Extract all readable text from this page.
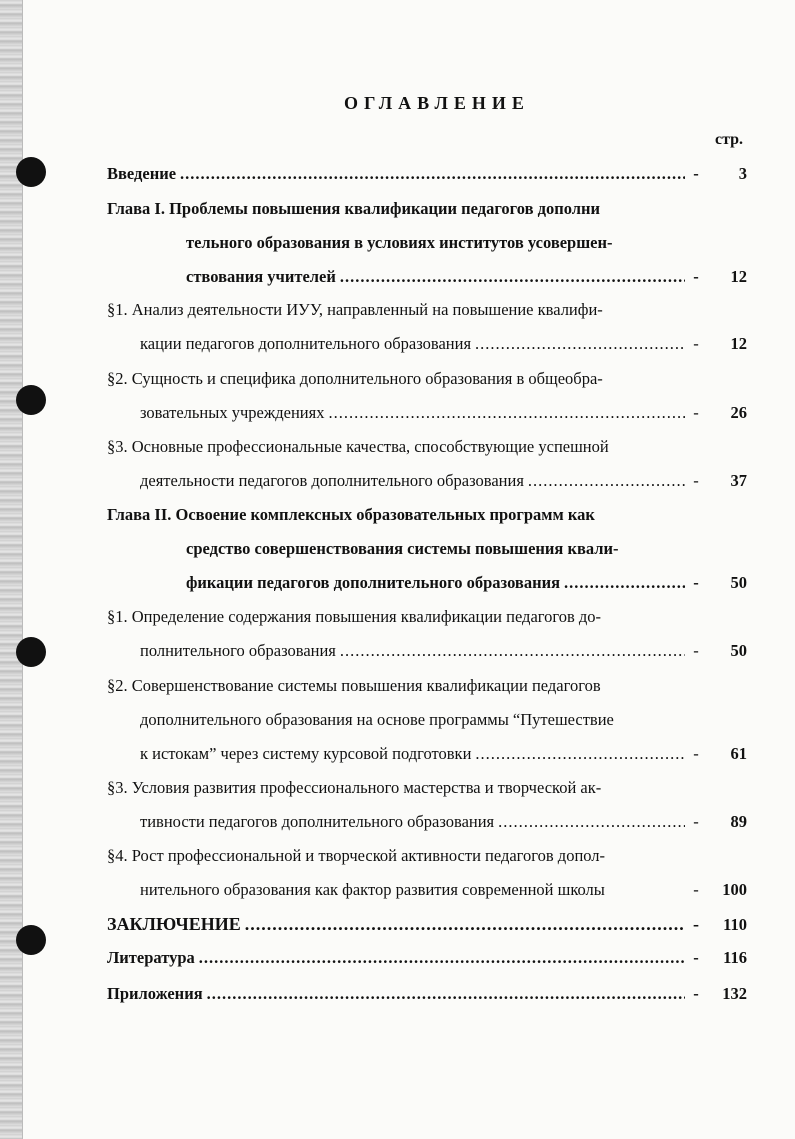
ОГЛАВЛЕНИЕ
стр.
Введение .....	-	3
Глава I. Проблемы повышения квалификации педагогов дополни
тельного образования в условиях институтов усовершен-
ствования учителей .....	-	12
§1. Анализ деятельности ИУУ, направленный на повышение квалифи-
кации педагогов дополнительного образования .....	-	12
§2. Сущность и специфика дополнительного образования в общеобра-
зовательных учреждениях .....	-	26
§3. Основные профессиональные качества, способствующие успешной
деятельности педагогов дополнительного образования .....	-	37
Глава II. Освоение комплексных образовательных программ как
средство совершенствования системы повышения квали-
фикации педагогов дополнительного образования .....	-	50
§1. Определение содержания повышения квалификации педагогов до-
полнительного образования .....	-	50
§2. Совершенствование системы повышения квалификации педагогов
дополнительного образования на основе программы “Путешествие
к истокам” через систему курсовой подготовки .....	-	61
§3. Условия развития профессионального мастерства и творческой ак-
тивности педагогов дополнительного образования .....	-	89
§4. Рост профессиональной и творческой активности педагогов допол-
нительного образования как фактор развития современной школы	-	100
ЗАКЛЮЧЕНИЕ .....	-	110
Литература .....	-	116
Приложения .....	-	132
